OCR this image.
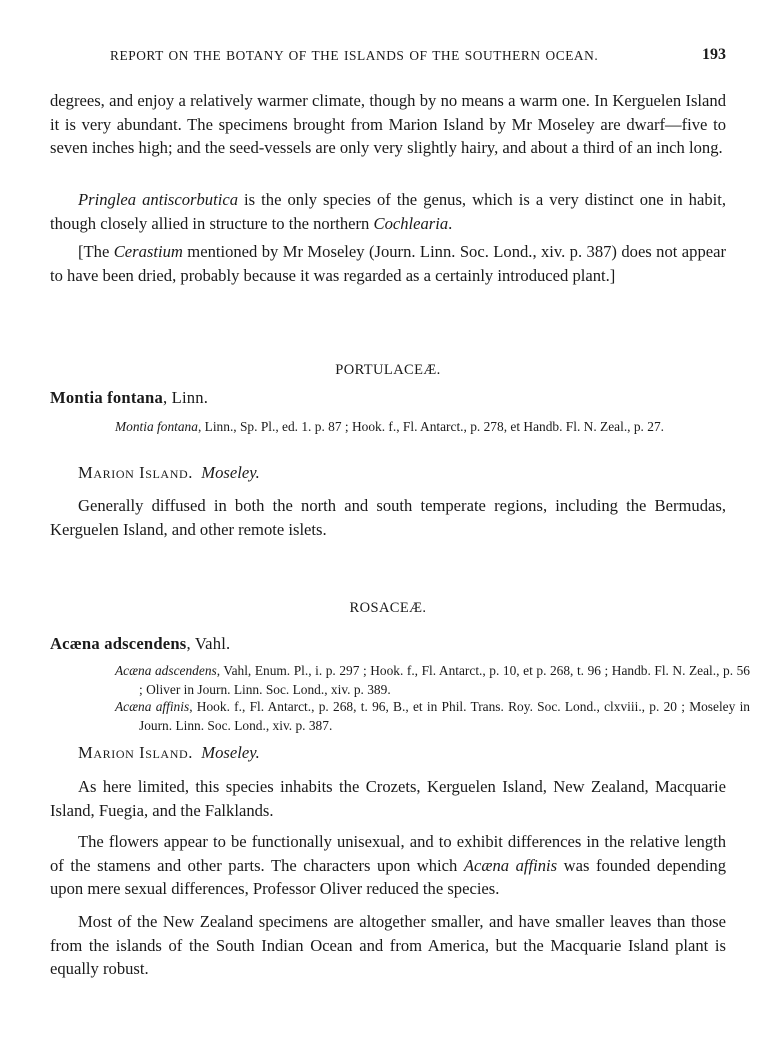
REPORT ON THE BOTANY OF THE ISLANDS OF THE SOUTHERN OCEAN.	193

degrees, and enjoy a relatively warmer climate, though by no means a warm one. In Kerguelen Island it is very abundant. The specimens brought from Marion Island by Mr Moseley are dwarf—five to seven inches high; and the seed-vessels are only very slightly hairy, and about a third of an inch long.

Pringlea antiscorbutica is the only species of the genus, which is a very distinct one in habit, though closely allied in structure to the northern Cochlearia.

[The Cerastium mentioned by Mr Moseley (Journ. Linn. Soc. Lond., xiv. p. 387) does not appear to have been dried, probably because it was regarded as a certainly introduced plant.]

PORTULACEÆ.

Montia fontana, Linn.

Montia fontana, Linn., Sp. Pl., ed. 1. p. 87 ; Hook. f., Fl. Antarct., p. 278, et Handb. Fl. N. Zeal., p. 27.

Marion Island. Moseley.

Generally diffused in both the north and south temperate regions, including the Bermudas, Kerguelen Island, and other remote islets.

ROSACEÆ.

Acæna adscendens, Vahl.

Acæna adscendens, Vahl, Enum. Pl., i. p. 297 ; Hook. f., Fl. Antarct., p. 10, et p. 268, t. 96 ; Handb. Fl. N. Zeal., p. 56 ; Oliver in Journ. Linn. Soc. Lond., xiv. p. 389.

Acæna affinis, Hook. f., Fl. Antarct., p. 268, t. 96, B., et in Phil. Trans. Roy. Soc. Lond., clxviii., p. 20 ; Moseley in Journ. Linn. Soc. Lond., xiv. p. 387.

Marion Island. Moseley.

As here limited, this species inhabits the Crozets, Kerguelen Island, New Zealand, Macquarie Island, Fuegia, and the Falklands.

The flowers appear to be functionally unisexual, and to exhibit differences in the relative length of the stamens and other parts. The characters upon which Acæna affinis was founded depending upon mere sexual differences, Professor Oliver reduced the species.

Most of the New Zealand specimens are altogether smaller, and have smaller leaves than those from the islands of the South Indian Ocean and from America, but the Macquarie Island plant is equally robust.
